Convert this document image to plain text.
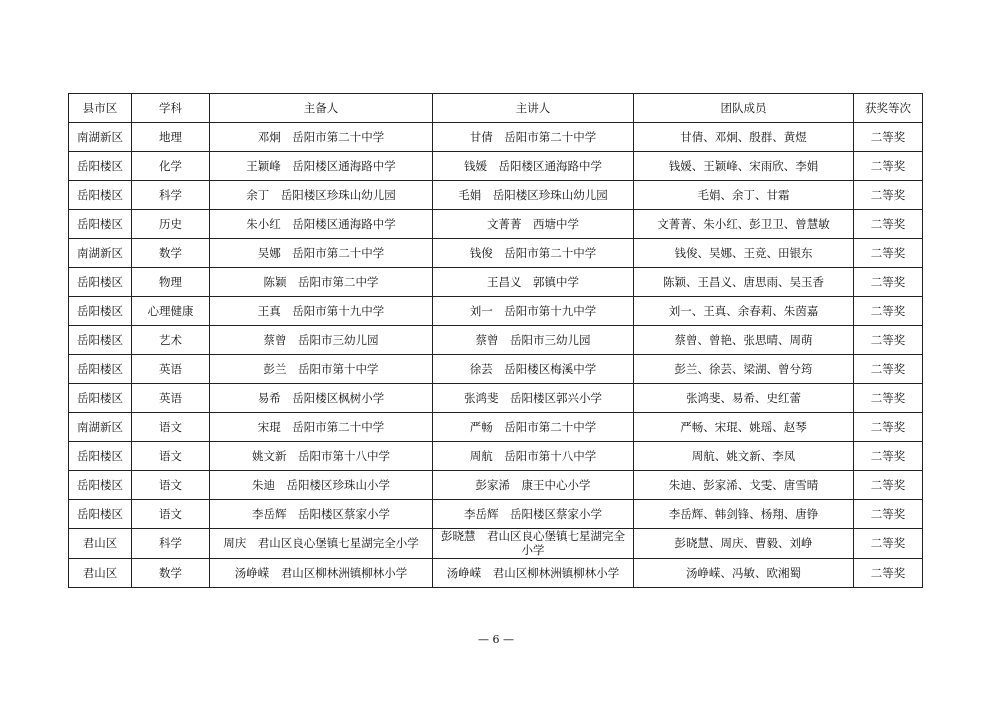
县市区	学科	主备人	主讲人	团队成员	获奖等次
南湖新区	地理	邓炯　岳阳市第二十中学	甘倩　岳阳市第二十中学	甘倩、邓炯、殷群、黄煜	二等奖
岳阳楼区	化学	王颖峰　岳阳楼区通海路中学	钱媛　岳阳楼区通海路中学	钱媛、王颖峰、宋雨欣、李娟	二等奖
岳阳楼区	科学	余丁　岳阳楼区珍珠山幼儿园	毛娟　岳阳楼区珍珠山幼儿园	毛娟、余丁、甘霜	二等奖
岳阳楼区	历史	朱小红　岳阳楼区通海路中学	文菁菁　西塘中学	文菁菁、朱小红、彭卫卫、曾慧敏	二等奖
南湖新区	数学	吴娜　岳阳市第二十中学	钱俊　岳阳市第二十中学	钱俊、吴娜、王竞、田银东	二等奖
岳阳楼区	物理	陈颖　岳阳市第二中学	王昌义　郭镇中学	陈颖、王昌义、唐思雨、吴玉香	二等奖
岳阳楼区	心理健康	王真　岳阳市第十九中学	刘一　岳阳市第十九中学	刘一、王真、余春莉、朱茵嘉	二等奖
岳阳楼区	艺术	蔡曾　岳阳市三幼儿园	蔡曾　岳阳市三幼儿园	蔡曾、曾艳、张思晴、周萌	二等奖
岳阳楼区	英语	彭兰　岳阳市第十中学	徐芸　岳阳楼区梅溪中学	彭兰、徐芸、梁湖、曾兮筠	二等奖
岳阳楼区	英语	易希　岳阳楼区枫树小学	张鸿斐　岳阳楼区郭兴小学	张鸿斐、易希、史红蕾	二等奖
南湖新区	语文	宋琨　岳阳市第二十中学	严畅　岳阳市第二十中学	严畅、宋琨、姚瑶、赵琴	二等奖
岳阳楼区	语文	姚文新　岳阳市第十八中学	周航　岳阳市第十八中学	周航、姚文新、李凤	二等奖
岳阳楼区	语文	朱迪　岳阳楼区珍珠山小学	彭家浠　康王中心小学	朱迪、彭家浠、戈雯、唐雪晴	二等奖
岳阳楼区	语文	李岳辉　岳阳楼区蔡家小学	李岳辉　岳阳楼区蔡家小学	李岳辉、韩剑锋、杨翔、唐铮	二等奖
君山区	科学	周庆　君山区良心堡镇七星湖完全小学	彭晓慧　君山区良心堡镇七星湖完全小学	彭晓慧、周庆、曹毅、刘峥	二等奖
君山区	数学	汤峥嵘　君山区柳林洲镇柳林小学	汤峥嵘　君山区柳林洲镇柳林小学	汤峥嵘、冯敏、欧湘蜀	二等奖
— 6 —
